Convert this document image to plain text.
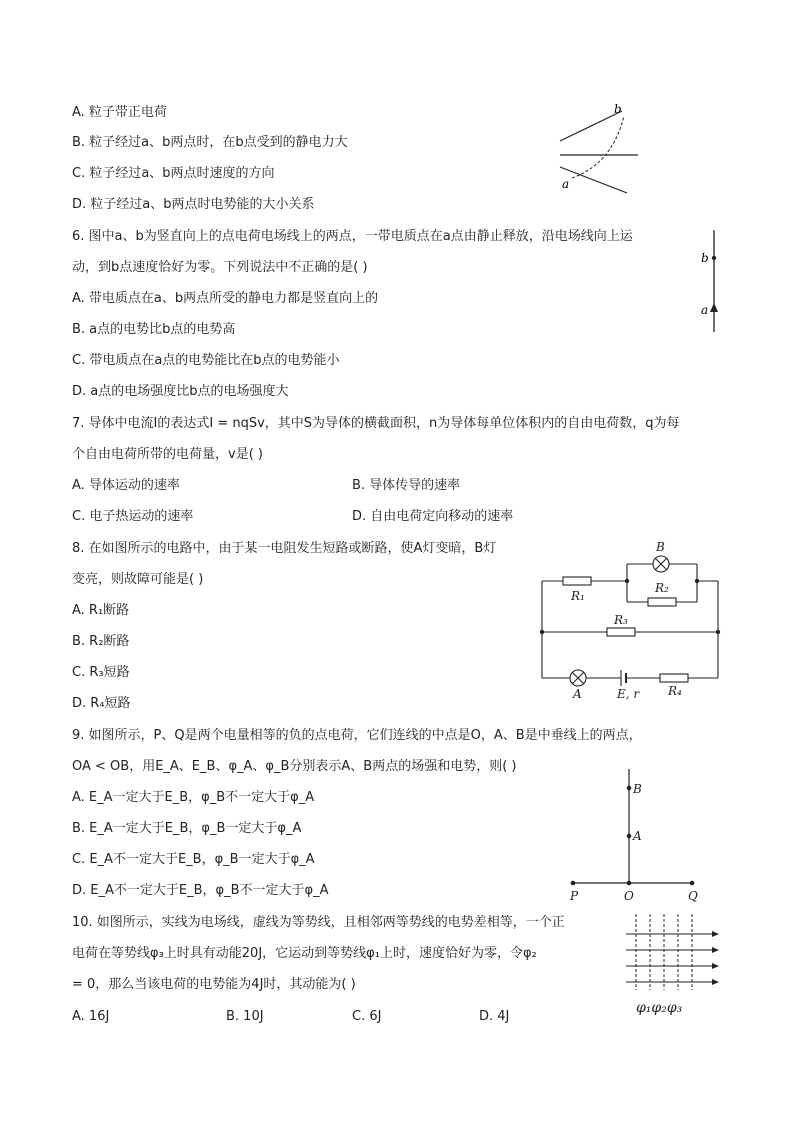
A. 粒子带正电荷
B. 粒子经过a、b两点时，在b点受到的静电力大
C. 粒子经过a、b两点时速度的方向
D. 粒子经过a、b两点时电势能的大小关系
b
a
6. 图中a、b为竖直向上的点电荷电场线上的两点，一带电质点在a点由静止释放，沿电场线向上运
动，到b点速度恰好为零。下列说法中不正确的是( )
A. 带电质点在a、b两点所受的静电力都是竖直向上的
B. a点的电势比b点的电势高
C. 带电质点在a点的电势能比在b点的电势能小
D. a点的电场强度比b点的电场强度大
b
a
7. 导体中电流I的表达式I = nqSv，其中S为导体的横截面积，n为导体每单位体积内的自由电荷数，q为每
个自由电荷所带的电荷量，v是( )
A. 导体运动的速率	B. 导体传导的速率
C. 电子热运动的速率	D. 自由电荷定向移动的速率
8. 在如图所示的电路中，由于某一电阻发生短路或断路，使A灯变暗，B灯
变亮，则故障可能是( )
A. R₁断路
B. R₂断路
C. R₃短路
D. R₄短路
B
R₁
R₂
R₃
A	E, r R₄
9. 如图所示，P、Q是两个电量相等的负的点电荷，它们连线的中点是O，A、B是中垂线上的两点，
OA < OB，用E_A、E_B、φ_A、φ_B分别表示A、B两点的场强和电势，则( )
A. E_A一定大于E_B，φ_B不一定大于φ_A
B. E_A一定大于E_B，φ_B一定大于φ_A
C. E_A不一定大于E_B，φ_B一定大于φ_A
D. E_A不一定大于E_B，φ_B不一定大于φ_A
B
A
P	O	Q
10. 如图所示，实线为电场线，虚线为等势线，且相邻两等势线的电势差相等，一个正
电荷在等势线φ₃上时具有动能20J，它运动到等势线φ₁上时，速度恰好为零，令φ₂
= 0，那么当该电荷的电势能为4J时，其动能为( )
A. 16J	B. 10J	C. 6J	D. 4J
φ₁φ₂φ₃
